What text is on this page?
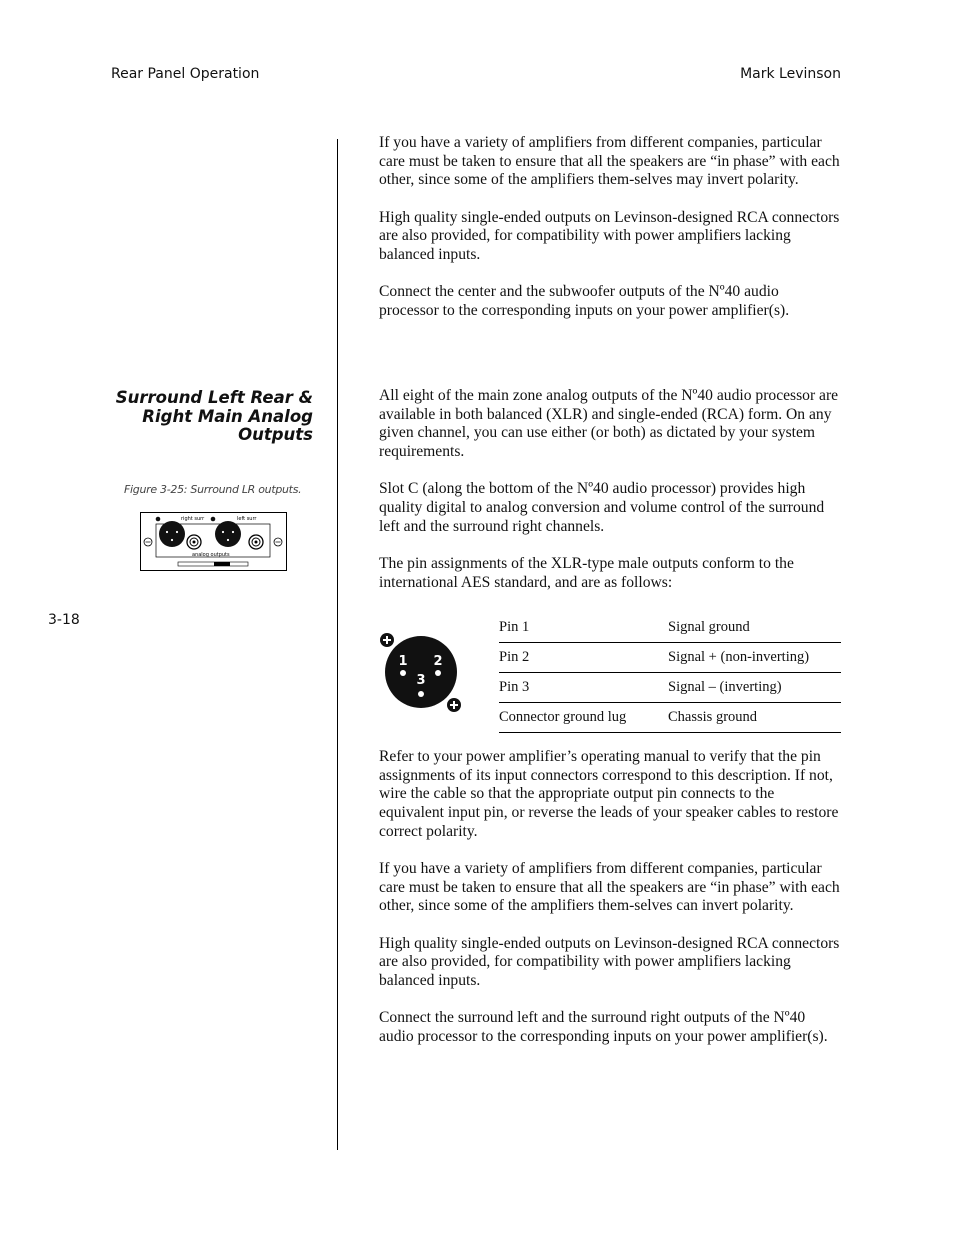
Rear Panel Operation	Mark Levinson

If you have a variety of amplifiers from different companies, particular care must be taken to ensure that all the speakers are “in phase” with each other, since some of the amplifiers them-selves may invert polarity.

High quality single-ended outputs on Levinson-designed RCA connectors are also provided, for compatibility with power amplifiers lacking balanced inputs.

Connect the center and the subwoofer outputs of the Nº40 audio processor to the corresponding inputs on your power amplifier(s).

Surround Left Rear & Right Main Analog Outputs
Figure 3-25: Surround LR outputs.
right surr	left surr
analog outputs
3-18

All eight of the main zone analog outputs of the Nº40 audio processor are available in both balanced (XLR) and single-ended (RCA) form. On any given channel, you can use either (or both) as dictated by your system requirements.

Slot C (along the bottom of the Nº40 audio processor) provides high quality digital to analog conversion and volume control of the surround left and the surround right channels.

The pin assignments of the XLR-type male outputs conform to the international AES standard, and are as follows:

1 2
3
Pin 1	Signal ground
Pin 2	Signal + (non-inverting)
Pin 3	Signal – (inverting)
Connector ground lug	Chassis ground

Refer to your power amplifier’s operating manual to verify that the pin assignments of its input connectors correspond to this description. If not, wire the cable so that the appropriate output pin connects to the equivalent input pin, or reverse the leads of your speaker cables to restore correct polarity.

If you have a variety of amplifiers from different companies, particular care must be taken to ensure that all the speakers are “in phase” with each other, since some of the amplifiers them-selves can invert polarity.

High quality single-ended outputs on Levinson-designed RCA connectors are also provided, for compatibility with power amplifiers lacking balanced inputs.

Connect the surround left and the surround right outputs of the Nº40 audio processor to the corresponding inputs on your power amplifier(s).
